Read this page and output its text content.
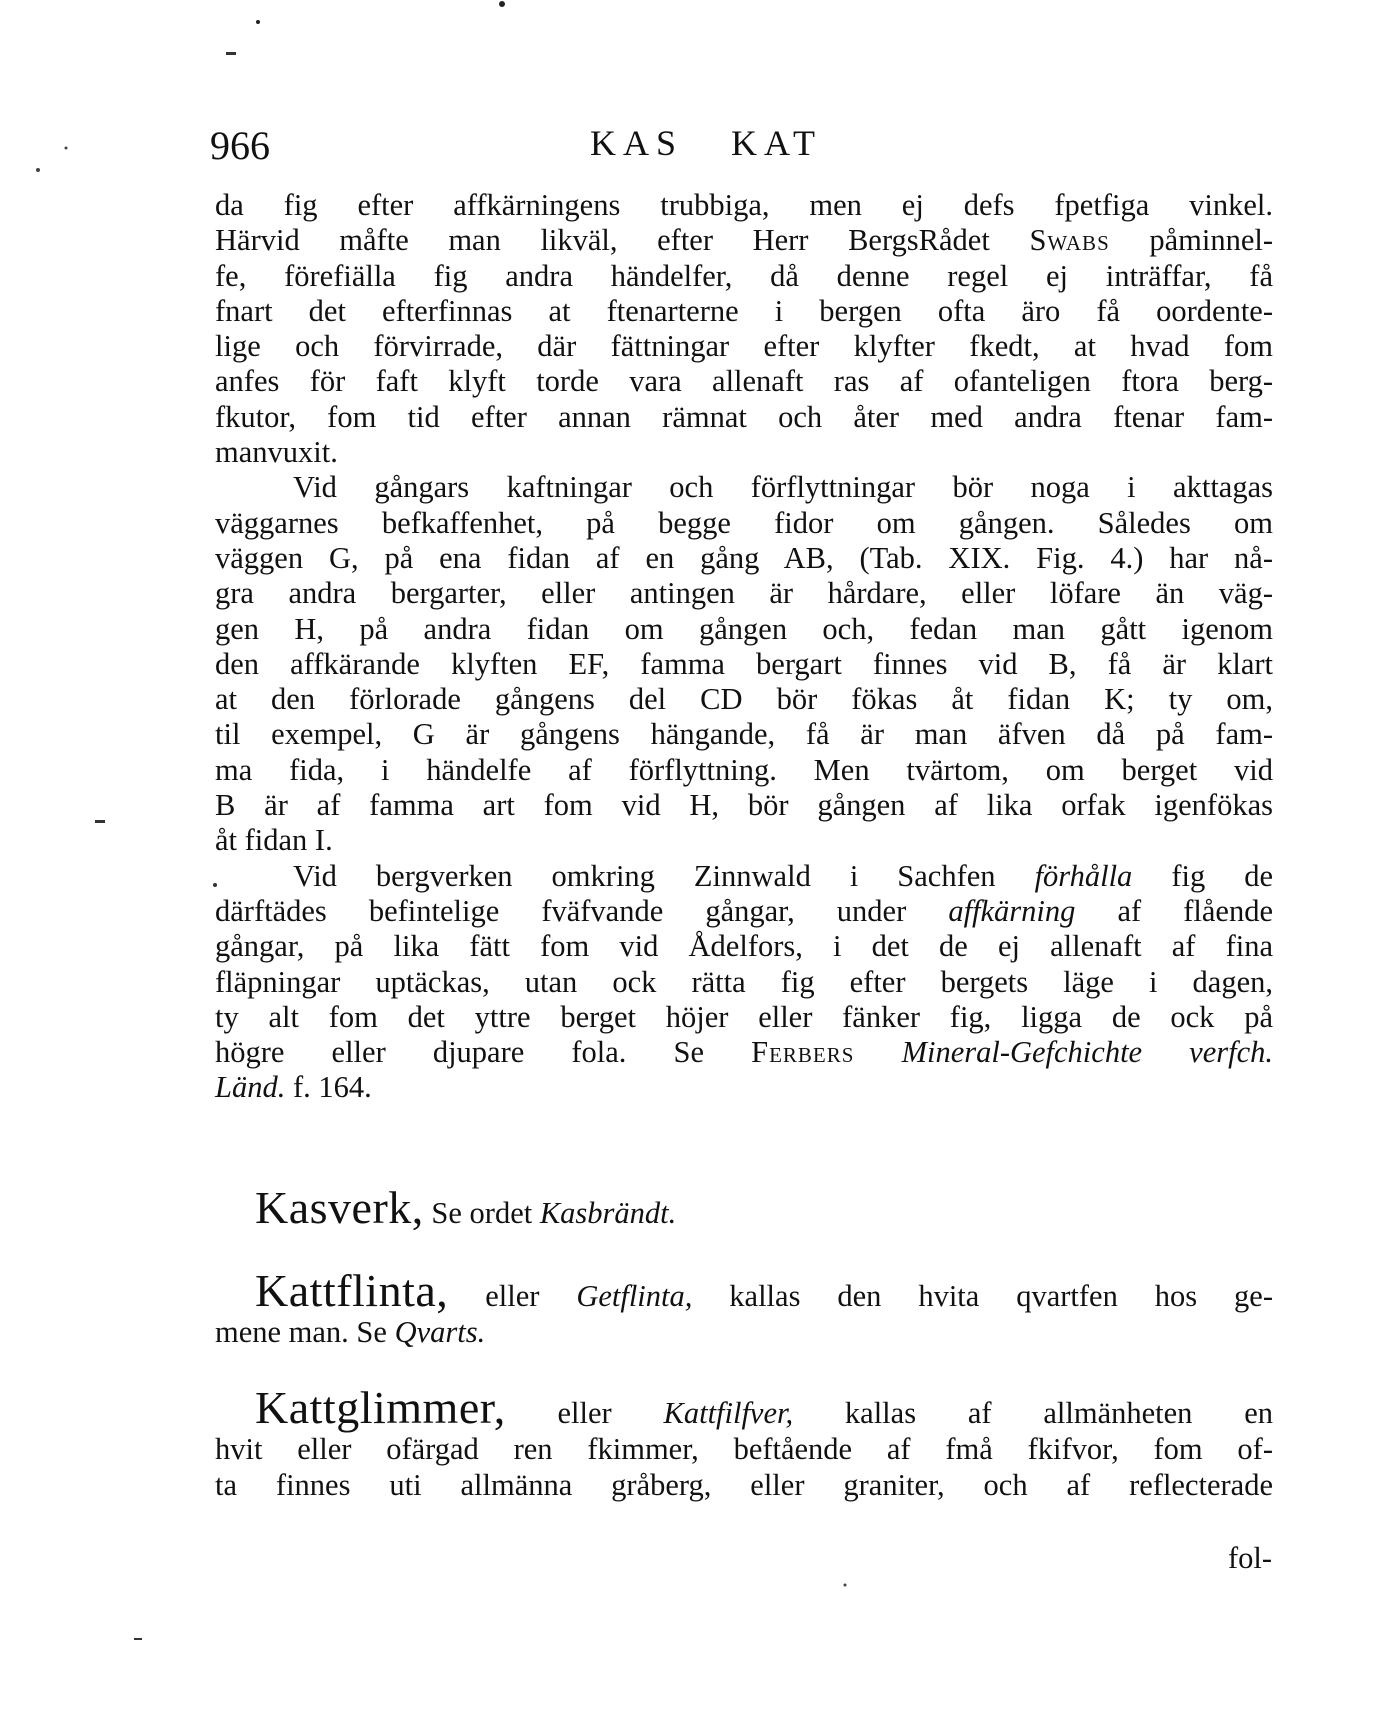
966	KAS KAT

da fig efter affkärningens trubbiga, men ej defs fpetfiga vinkel.
Härvid måfte man likväl, efter Herr BergsRådet Swabs påminnel-
fe, förefiälla fig andra händelfer, då denne regel ej inträffar, få
fnart det efterfinnas at ftenarterne i bergen ofta äro få oordente-
lige och förvirrade, där fättningar efter klyfter fkedt, at hvad fom
anfes för faft klyft torde vara allenaft ras af ofanteligen ftora berg-
fkutor, fom tid efter annan rämnat och åter med andra ftenar fam-
manvuxit.

Vid gångars kaftningar och förflyttningar bör noga i akttagas
väggarnes befkaffenhet, på begge fidor om gången. Således om
väggen G, på ena fidan af en gång AB, (Tab. XIX. Fig. 4.) har nå-
gra andra bergarter, eller antingen är hårdare, eller löfare än väg-
gen H, på andra fidan om gången och, fedan man gått igenom
den affkärande klyften EF, famma bergart finnes vid B, få är klart
at den förlorade gångens del CD bör fökas åt fidan K; ty om,
til exempel, G är gångens hängande, få är man äfven då på fam-
ma fida, i händelfe af förflyttning. Men tvärtom, om berget vid
B är af famma art fom vid H, bör gången af lika orfak igenfökas
åt fidan I.

Vid bergverken omkring Zinnwald i Sachfen förhålla fig de
därftädes befintelige fväfvande gångar, under affkärning af flående
gångar, på lika fätt fom vid Ådelfors, i det de ej allenaft af fina
fläpningar uptäckas, utan ock rätta fig efter bergets läge i dagen,
ty alt fom det yttre berget höjer eller fänker fig, ligga de ock på
högre eller djupare fola. Se Ferbers Mineral-Gefchichte verfch.
Länd. f. 164.

Kasverk, Se ordet Kasbrändt.

Kattflinta, eller Getflinta, kallas den hvita qvartfen hos ge-
mene man. Se Qvarts.

Kattglimmer, eller Kattfilfver, kallas af allmänheten en
hvit eller ofärgad ren fkimmer, beftående af fmå fkifvor, fom of-
ta finnes uti allmänna gråberg, eller graniter, och af reflecterade

fol-
